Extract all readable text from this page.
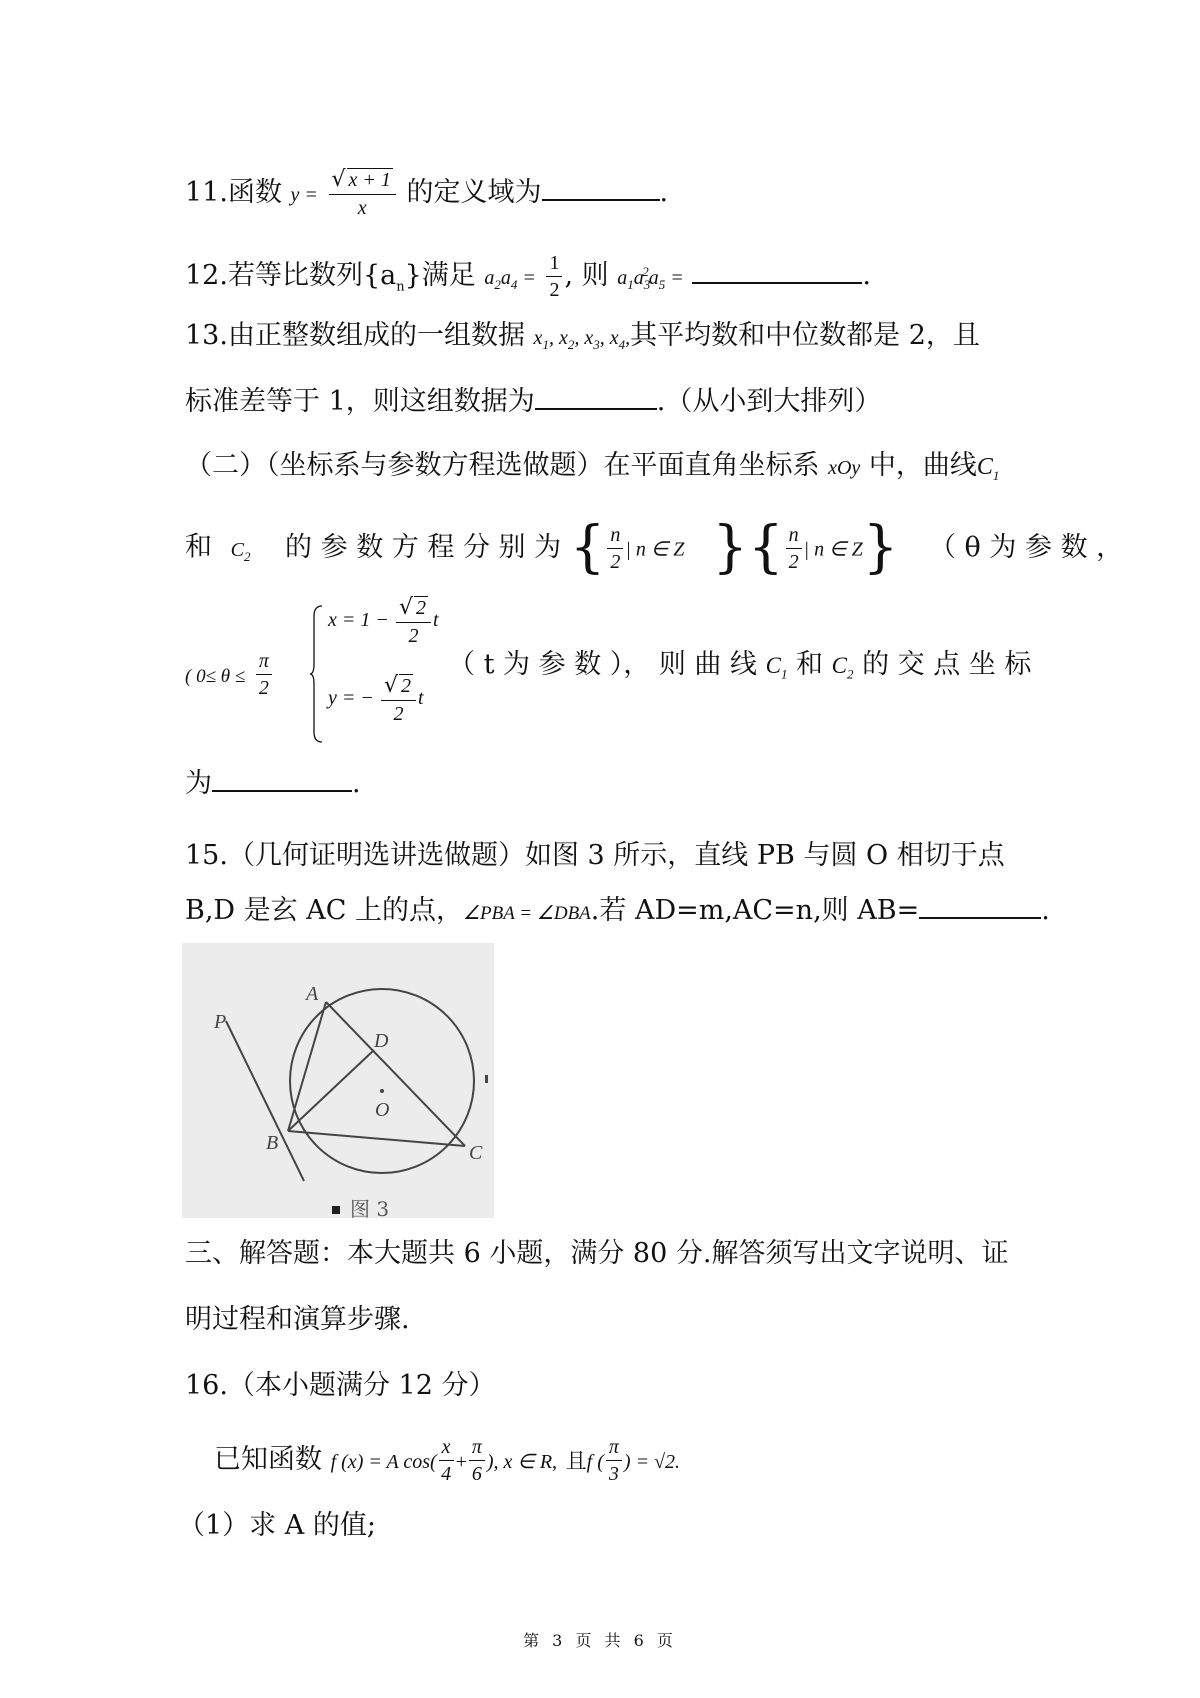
11.函数 $y = \frac{√ x + 1}{x}$ 的定义域为	.
12.若等比数列$\{a_n\}$满足 $a_2a_4 = \frac{1}{2}$ , 则 $a_1a_3^2a_5$ =	.
13.由正整数组成的一组数据 $x_1$, $x_2$, $x_3$, $x_4$,其平均数和中位数都是 2，且
标准差等于 1，则这组数据为	.（从小到大排列）
（二）（坐标系与参数方程选做题）在平面直角坐标系 xOy 中，曲线$C_1$
和 $C_2$ 的 参 数 方 程 分 别 为 { $\frac{n}{2}$ | n ∈ Z }{ $\frac{n}{2}$ | n ∈ Z} （ θ 为 参 数 ，
( $0\le \theta \le \frac{\pi}{2}$
$x = 1 - \frac{√ 2}{2}$ t
y = − $\frac{√ 2}{2}$ t
（ t 为 参 数 ）， 则 曲 线 $C_1$ 和 $C_2$ 的 交 点 坐 标
为	.
15.（几何证明选讲选做题）如图 3 所示，直线 PB 与圆 O 相切于点
B,D 是玄 AC 上的点，∠PBA = ∠DBA.若 AD=m,AC=n,则 AB=	.
A
P
D
O
B	C
图 3
三、解答题：本大题共 6 小题，满分 80 分.解答须写出文字说明、证
明过程和演算步骤.
16.（本小题满分 12 分）
已知函数 f (x) = A $\cos( \frac{x}{4} + \frac{\pi}{6}$ ), x ∈ R, 且f ( $\frac{\pi}{3}$ ) = √2.
（1）求 A 的值;
第 3 页 共 6 页
